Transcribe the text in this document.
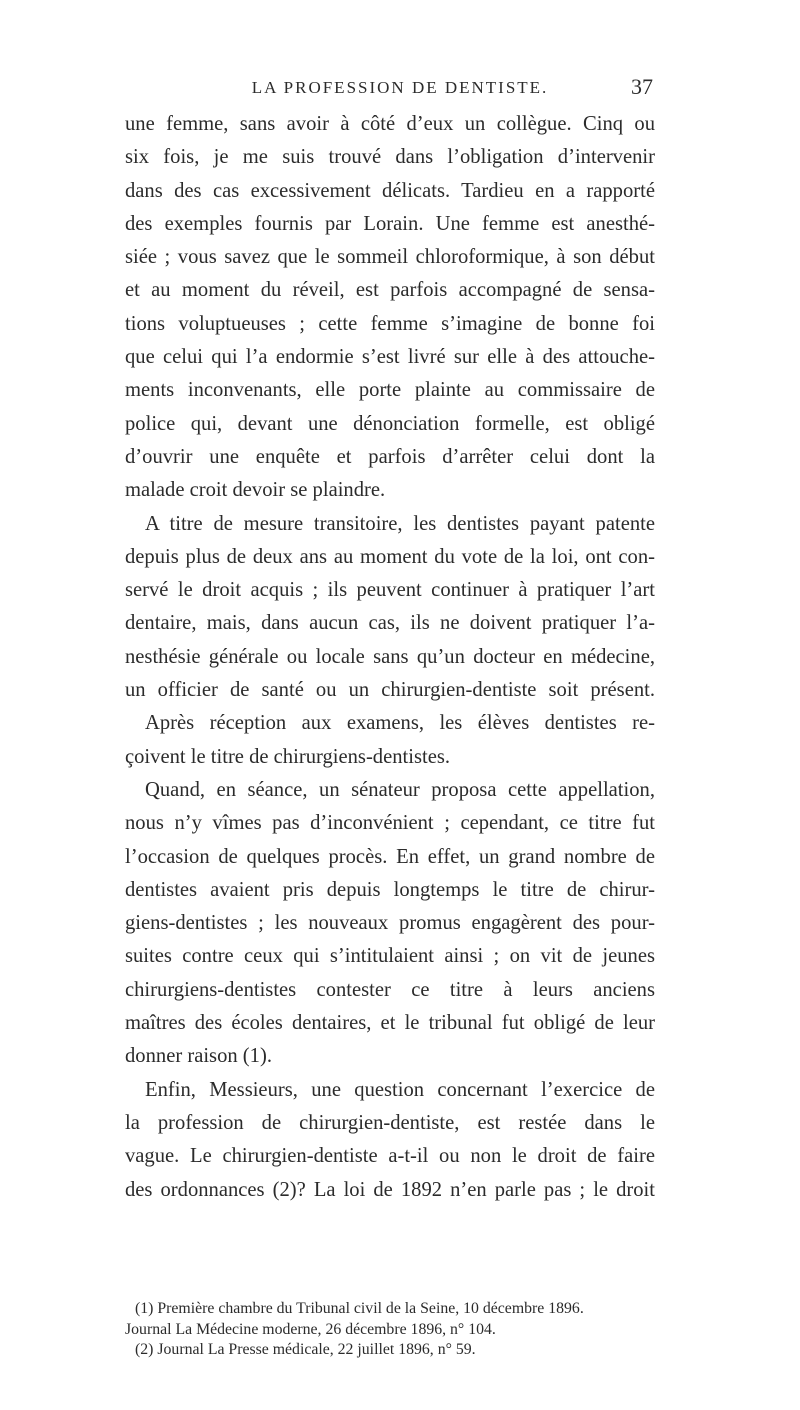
LA PROFESSION DE DENTISTE.	37
une femme, sans avoir à côté d’eux un collègue. Cinq ou
six fois, je me suis trouvé dans l’obligation d’intervenir
dans des cas excessivement délicats. Tardieu en a rapporté
des exemples fournis par Lorain. Une femme est anesthé-
siée ; vous savez que le sommeil chloroformique, à son début
et au moment du réveil, est parfois accompagné de sensa-
tions voluptueuses ; cette femme s’imagine de bonne foi
que celui qui l’a endormie s’est livré sur elle à des attouche-
ments inconvenants, elle porte plainte au commissaire de
police qui, devant une dénonciation formelle, est obligé
d’ouvrir une enquête et parfois d’arrêter celui dont la
malade croit devoir se plaindre.
A titre de mesure transitoire, les dentistes payant patente
depuis plus de deux ans au moment du vote de la loi, ont con-
servé le droit acquis ; ils peuvent continuer à pratiquer l’art
dentaire, mais, dans aucun cas, ils ne doivent pratiquer l’a-
nesthésie générale ou locale sans qu’un docteur en médecine,
un officier de santé ou un chirurgien-dentiste soit présent.
Après réception aux examens, les élèves dentistes re-
çoivent le titre de chirurgiens-dentistes.
Quand, en séance, un sénateur proposa cette appellation,
nous n’y vîmes pas d’inconvénient ; cependant, ce titre fut
l’occasion de quelques procès. En effet, un grand nombre de
dentistes avaient pris depuis longtemps le titre de chirur-
giens-dentistes ; les nouveaux promus engagèrent des pour-
suites contre ceux qui s’intitulaient ainsi ; on vit de jeunes
chirurgiens-dentistes contester ce titre à leurs anciens
maîtres des écoles dentaires, et le tribunal fut obligé de leur
donner raison (1).
Enfin, Messieurs, une question concernant l’exercice de
la profession de chirurgien-dentiste, est restée dans le
vague. Le chirurgien-dentiste a-t-il ou non le droit de faire
des ordonnances (2)? La loi de 1892 n’en parle pas ; le droit
(1) Première chambre du Tribunal civil de la Seine, 10 décembre 1896.
Journal La Médecine moderne, 26 décembre 1896, n° 104.
(2) Journal La Presse médicale, 22 juillet 1896, n° 59.
